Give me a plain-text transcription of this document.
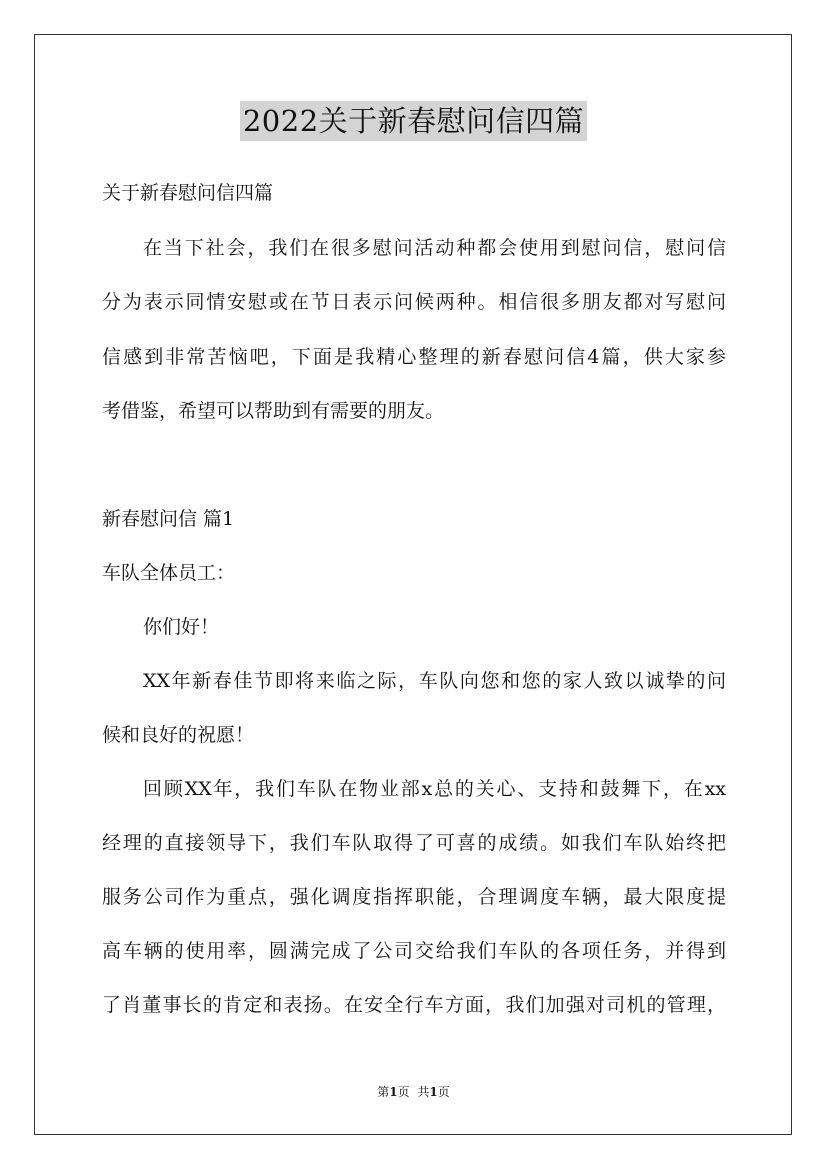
2022关于新春慰问信四篇
关于新春慰问信四篇
在当下社会，我们在很多慰问活动种都会使用到慰问信，慰问信
分为表示同情安慰或在节日表示问候两种。相信很多朋友都对写慰问
信感到非常苦恼吧，下面是我精心整理的新春慰问信4篇，供大家参
考借鉴，希望可以帮助到有需要的朋友。
新春慰问信 篇1
车队全体员工：
你们好！
XX年新春佳节即将来临之际，车队向您和您的家人致以诚挚的问
候和良好的祝愿！
回顾XX年，我们车队在物业部x总的关心、支持和鼓舞下，在xx
经理的直接领导下，我们车队取得了可喜的成绩。如我们车队始终把
服务公司作为重点，强化调度指挥职能，合理调度车辆，最大限度提
高车辆的使用率，圆满完成了公司交给我们车队的各项任务，并得到
了肖董事长的肯定和表扬。在安全行车方面，我们加强对司机的管理，
第1页 共1页
